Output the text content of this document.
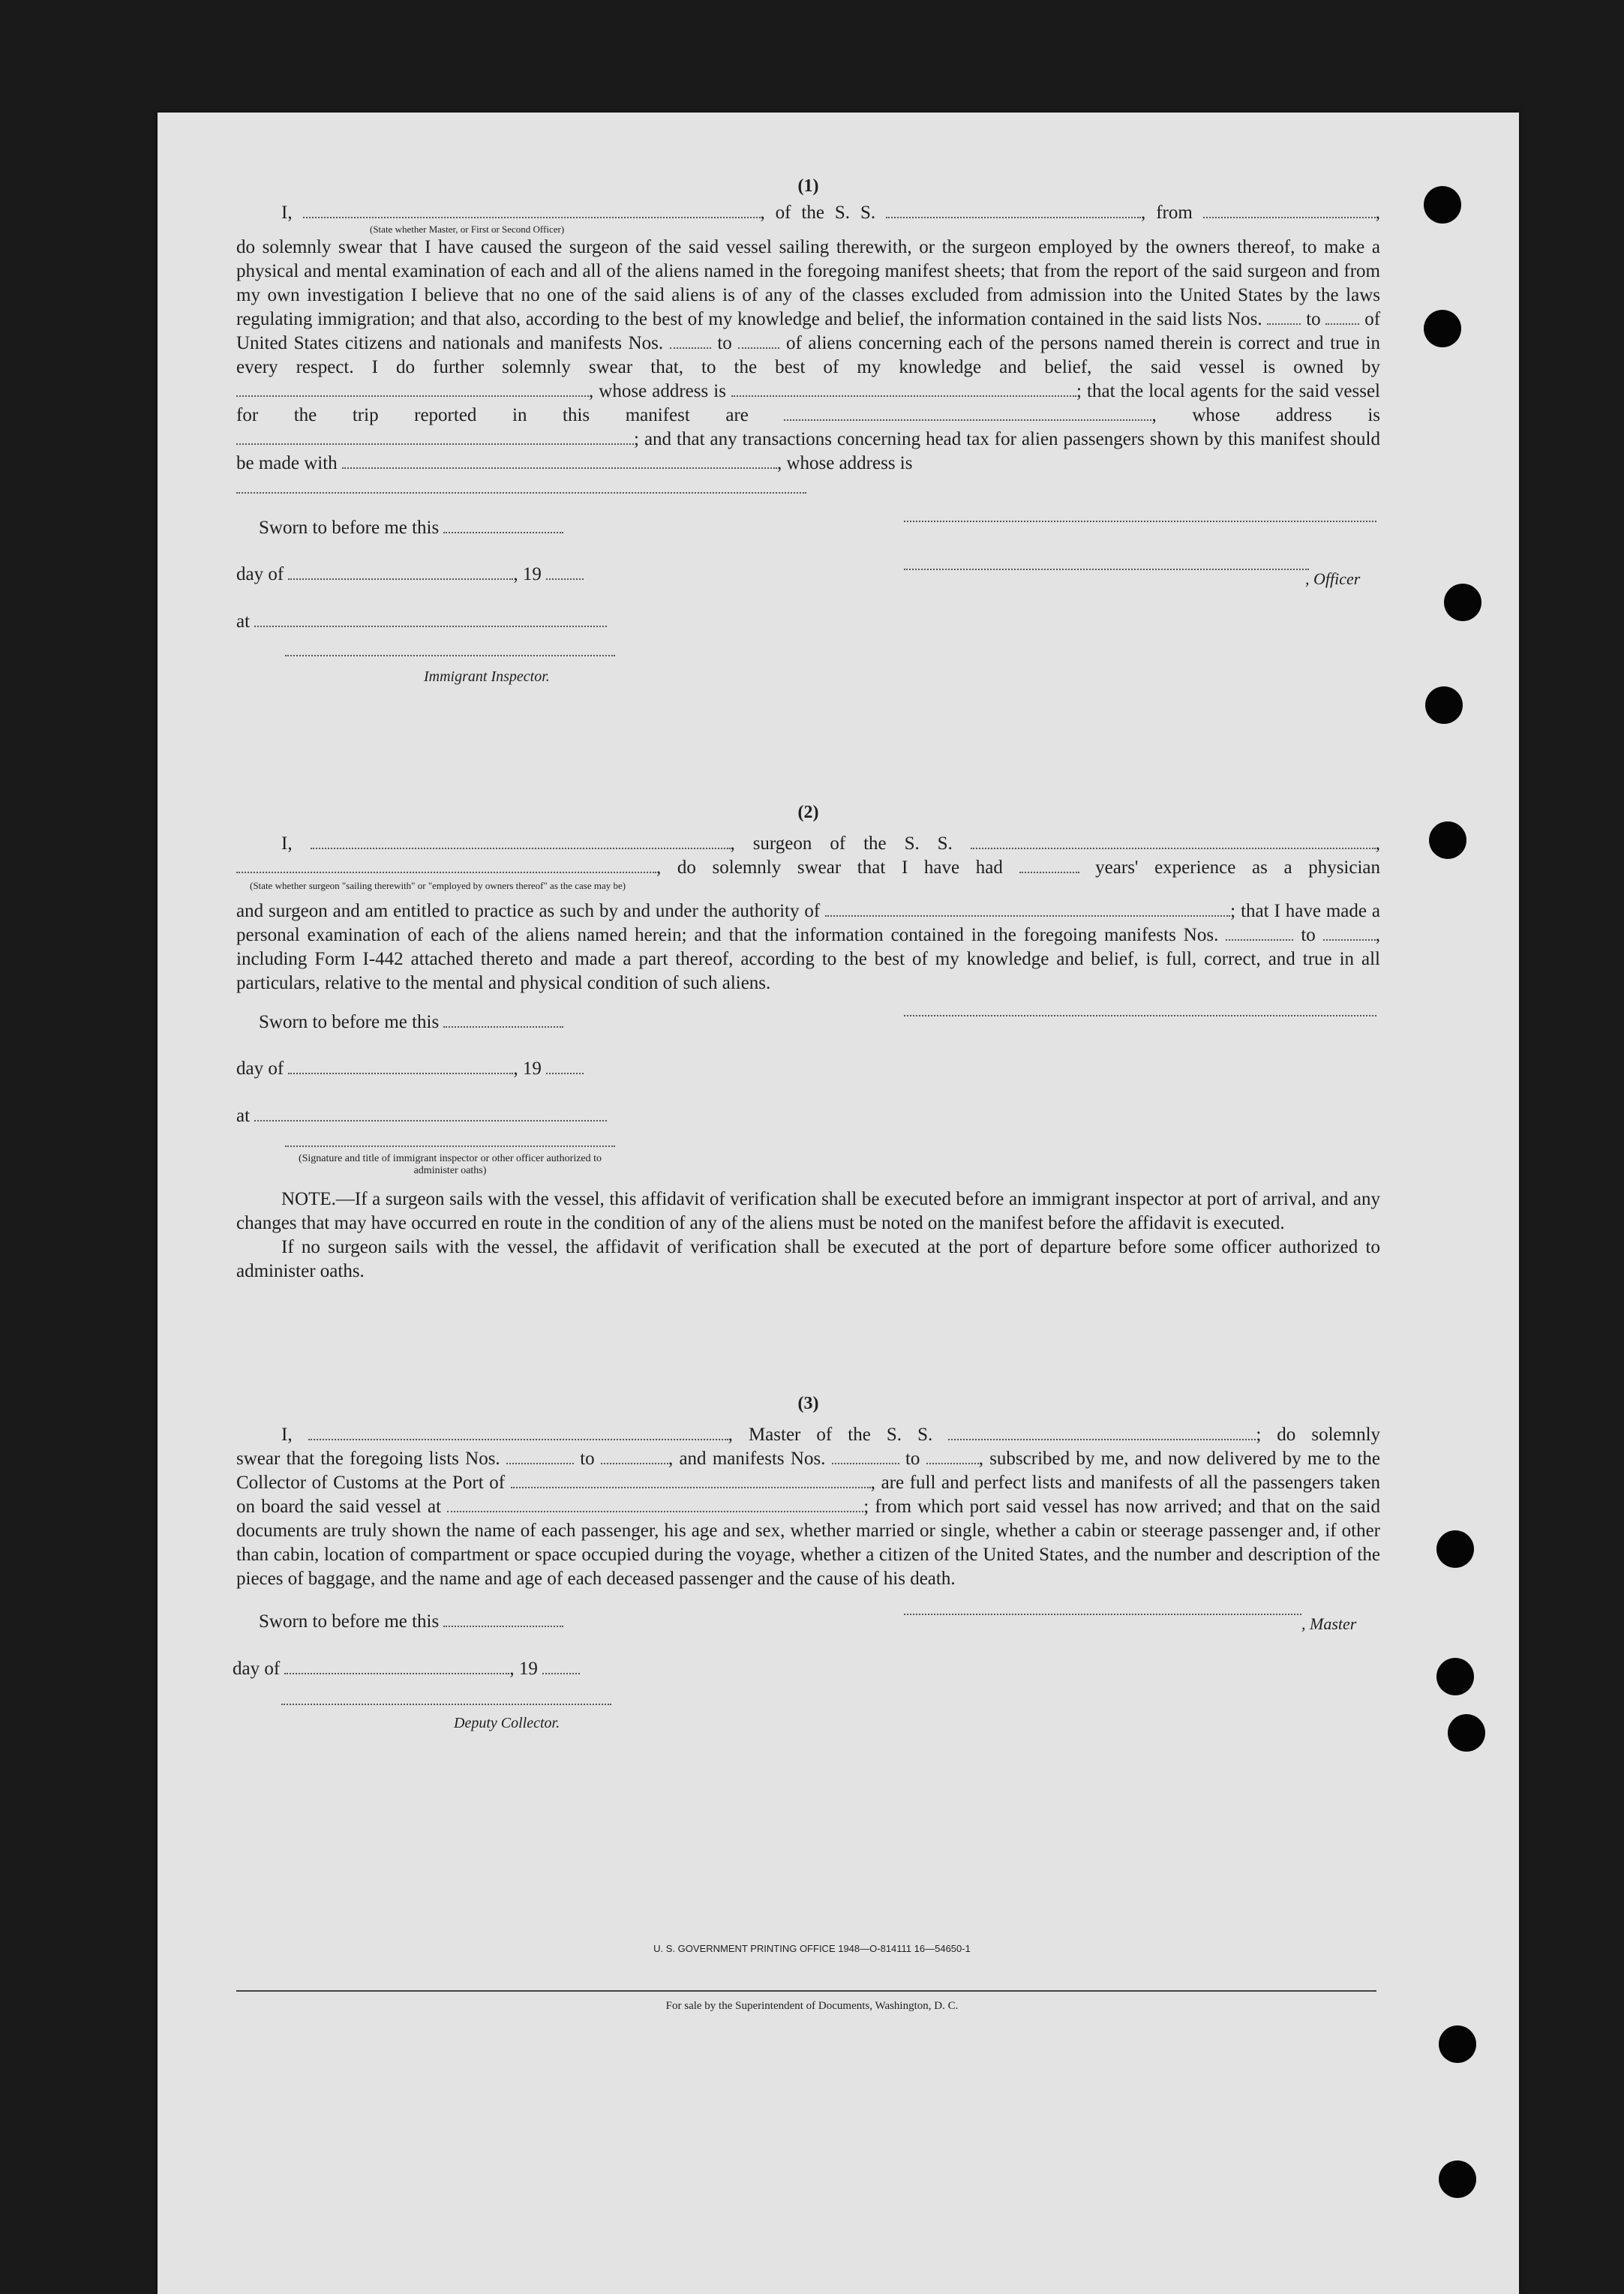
(1)

I,	, of the S. S.	, from	,

(State whether Master, or First or Second Officer)

do solemnly swear that I have caused the surgeon of the said vessel sailing therewith, or the surgeon employed by the owners thereof, to make a physical and mental examination of each and all of the aliens named in the foregoing manifest sheets; that from the report of the said surgeon and from my own investigation I believe that no one of the said aliens is of any of the classes excluded from admission into the United States by the laws regulating immigration; and that also, according to the best of my knowledge and belief, the information contained in the said lists Nos. to of United States citizens and nationals and manifests Nos.	to	of aliens concerning each of the persons named therein is correct and true in every respect. I do further solemnly swear that, to the best of my knowledge and belief, the said vessel is owned by , whose address is	; that the local agents for the said vessel for the trip reported in this manifest are	, whose address is ; and that any transactions concerning head tax for alien passengers shown by this manifest should be made with	, whose address is

Sworn to before me this
day of	, 19	, Officer
at
Immigrant Inspector.
(2)

I,	, surgeon of the S. S.	,

, do solemnly swear that I have had	years' experience as a physician

(State whether surgeon "sailing therewith" or "employed by owners thereof" as the case may be)

and surgeon and am entitled to practice as such by and under the authority of	; that I have made a personal examination of each of the aliens named herein; and that the information contained in the foregoing manifests Nos.	to	, including Form I-442 attached thereto and made a part thereof, according to the best of my knowledge and belief, is full, correct, and true in all particulars, relative to the mental and physical condition of such aliens.

Sworn to before me this
day of	, 19
at
(Signature and title of immigrant inspector or other officer authorized to administer oaths)

NOTE.—If a surgeon sails with the vessel, this affidavit of verification shall be executed before an immigrant inspector at port of arrival, and any changes that may have occurred en route in the condition of any of the aliens must be noted on the manifest before the affidavit is executed.

If no surgeon sails with the vessel, the affidavit of verification shall be executed at the port of departure before some officer authorized to administer oaths.

(3)

I,	, Master of the S. S.	; do solemnly

swear that the foregoing lists Nos.	to	, and manifests Nos.	to	, subscribed by me, and now delivered by me to the Collector of Customs at the Port of	, are full and perfect lists and manifests of all the passengers taken on board the said vessel at	; from which port said vessel has now arrived; and that on the said documents are truly shown the name of each passenger, his age and sex, whether married or single, whether a cabin or steerage passenger and, if other than cabin, location of compartment or space occupied during the voyage, whether a citizen of the United States, and the number and description of the pieces of baggage, and the name and age of each deceased passenger and the cause of his death.

Sworn to before me this	, Master
day of	, 19
Deputy Collector.
U. S. GOVERNMENT PRINTING OFFICE 1948—O-814111 16—54650-1
For sale by the Superintendent of Documents, Washington, D. C.
